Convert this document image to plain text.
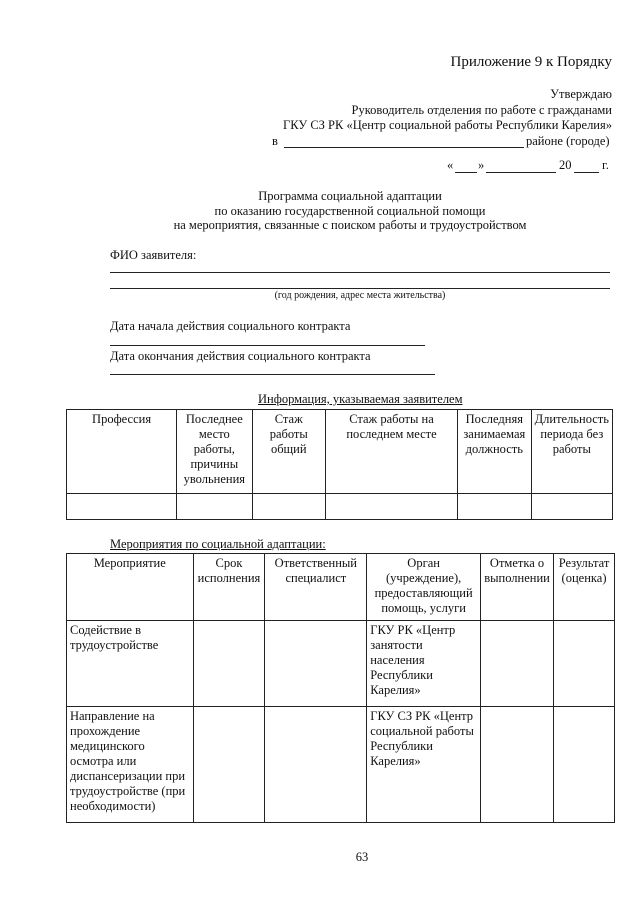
Приложение 9 к Порядку
Утверждаю
Руководитель отделения по работе с гражданами
ГКУ СЗ РК «Центр социальной работы Республики Карелия»
в	районе (городе)
« »	20 г.
Программа социальной адаптации
по оказанию государственной социальной помощи
на мероприятия, связанные с поиском работы и трудоустройством
ФИО заявителя:
(год рождения, адрес места жительства)
Дата начала действия социального контракта
Дата окончания действия социального контракта
Информация, указываемая заявителем
Профессия	Последнее место работы, причины увольнения	Стаж работы общий	Стаж работы на последнем месте	Последняя занимаемая должность	Длительность периода без работы

Мероприятия по социальной адаптации:
Мероприятие	Срок исполнения	Ответственный специалист	Орган (учреждение), предоставляющий помощь, услуги	Отметка о выполнении	Результат (оценка)
Содействие в трудоустройстве			ГКУ РК «Центр занятости населения Республики Карелия»		
Направление на прохождение медицинского осмотра или диспансеризации при трудоустройстве (при необходимости)			ГКУ СЗ РК «Центр социальной работы Республики Карелия»		
63
